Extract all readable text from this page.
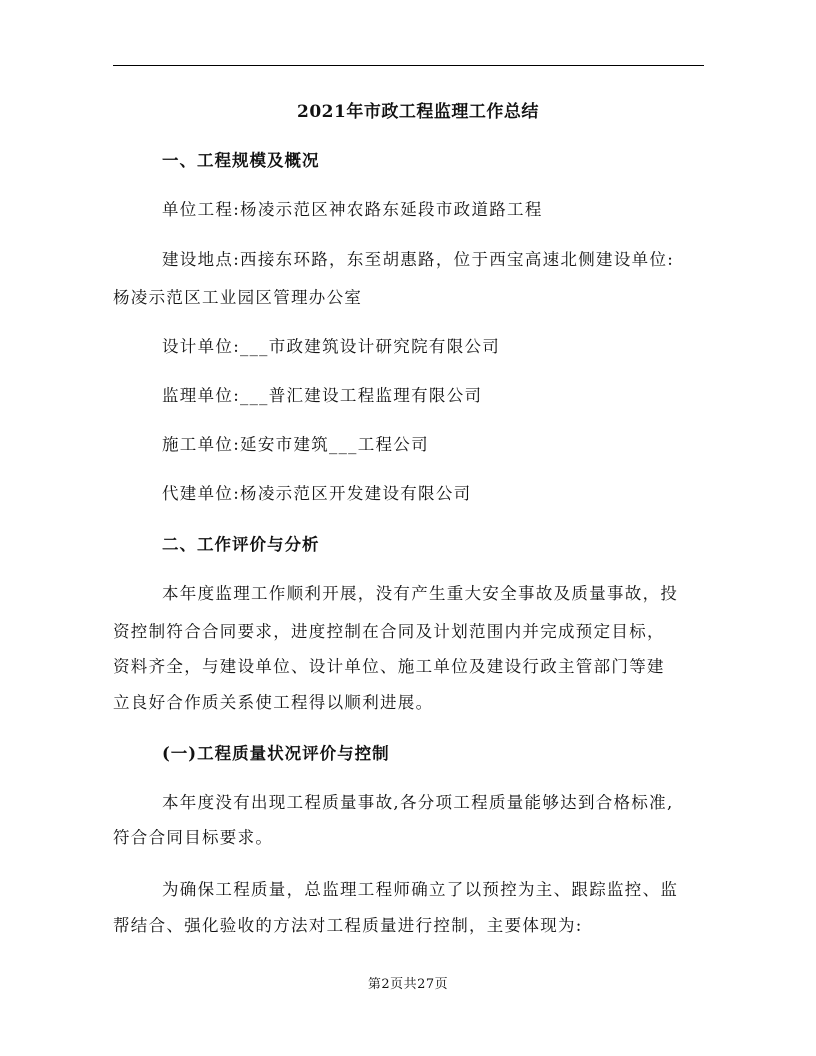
2021年市政工程监理工作总结
一、工程规模及概况
单位工程:杨凌示范区神农路东延段市政道路工程
建设地点:西接东环路，东至胡惠路，位于西宝高速北侧建设单位:
杨凌示范区工业园区管理办公室
设计单位:___市政建筑设计研究院有限公司
监理单位:___普汇建设工程监理有限公司
施工单位:延安市建筑___工程公司
代建单位:杨凌示范区开发建设有限公司
二、工作评价与分析
本年度监理工作顺利开展，没有产生重大安全事故及质量事故，投
资控制符合合同要求，进度控制在合同及计划范围内并完成预定目标，
资料齐全，与建设单位、设计单位、施工单位及建设行政主管部门等建
立良好合作质关系使工程得以顺利进展。
(一)工程质量状况评价与控制
本年度没有出现工程质量事故,各分项工程质量能够达到合格标准,
符合合同目标要求。
为确保工程质量，总监理工程师确立了以预控为主、跟踪监控、监
帮结合、强化验收的方法对工程质量进行控制，主要体现为:
第2页共27页
